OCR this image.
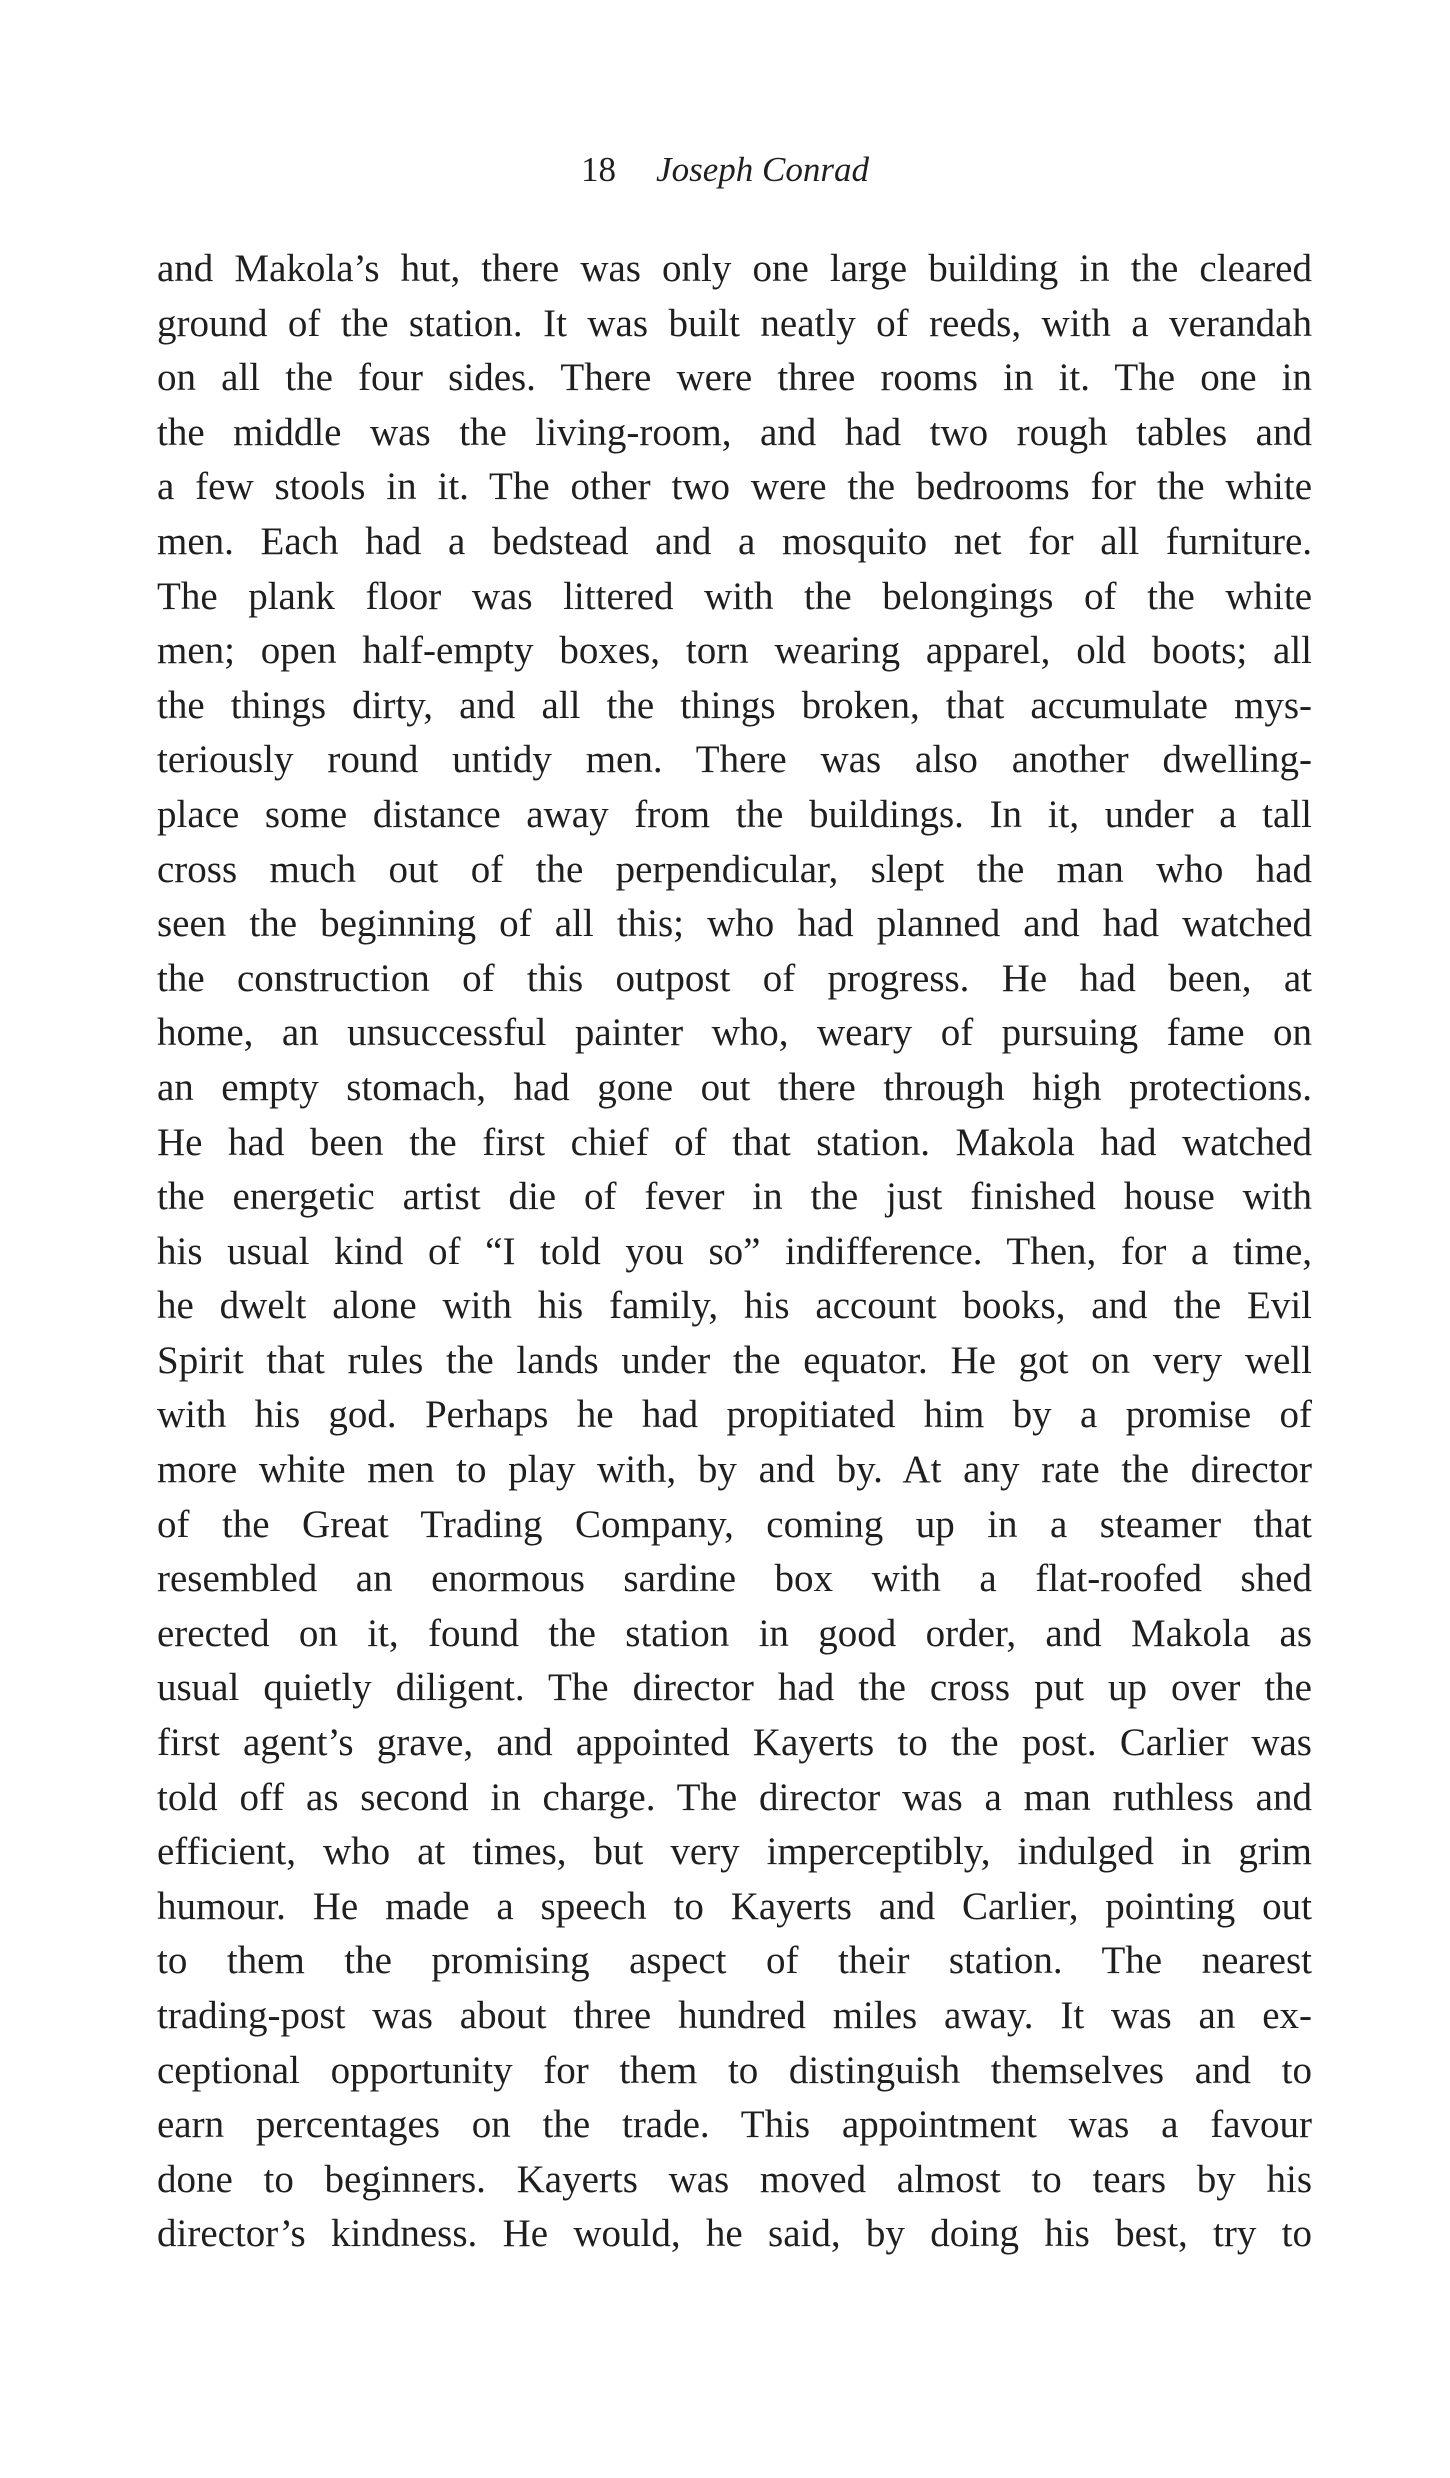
18 Joseph Conrad
and Makola’s hut, there was only one large building in the cleared
ground of the station. It was built neatly of reeds, with a verandah
on all the four sides. There were three rooms in it. The one in
the middle was the living-room, and had two rough tables and
a few stools in it. The other two were the bedrooms for the white
men. Each had a bedstead and a mosquito net for all furniture.
The plank floor was littered with the belongings of the white
men; open half-empty boxes, torn wearing apparel, old boots; all
the things dirty, and all the things broken, that accumulate mys-
teriously round untidy men. There was also another dwelling-
place some distance away from the buildings. In it, under a tall
cross much out of the perpendicular, slept the man who had
seen the beginning of all this; who had planned and had watched
the construction of this outpost of progress. He had been, at
home, an unsuccessful painter who, weary of pursuing fame on
an empty stomach, had gone out there through high protections.
He had been the first chief of that station. Makola had watched
the energetic artist die of fever in the just finished house with
his usual kind of “I told you so” indifference. Then, for a time,
he dwelt alone with his family, his account books, and the Evil
Spirit that rules the lands under the equator. He got on very well
with his god. Perhaps he had propitiated him by a promise of
more white men to play with, by and by. At any rate the director
of the Great Trading Company, coming up in a steamer that
resembled an enormous sardine box with a flat-roofed shed
erected on it, found the station in good order, and Makola as
usual quietly diligent. The director had the cross put up over the
first agent’s grave, and appointed Kayerts to the post. Carlier was
told off as second in charge. The director was a man ruthless and
efficient, who at times, but very imperceptibly, indulged in grim
humour. He made a speech to Kayerts and Carlier, pointing out
to them the promising aspect of their station. The nearest
trading-post was about three hundred miles away. It was an ex-
ceptional opportunity for them to distinguish themselves and to
earn percentages on the trade. This appointment was a favour
done to beginners. Kayerts was moved almost to tears by his
director’s kindness. He would, he said, by doing his best, try to
